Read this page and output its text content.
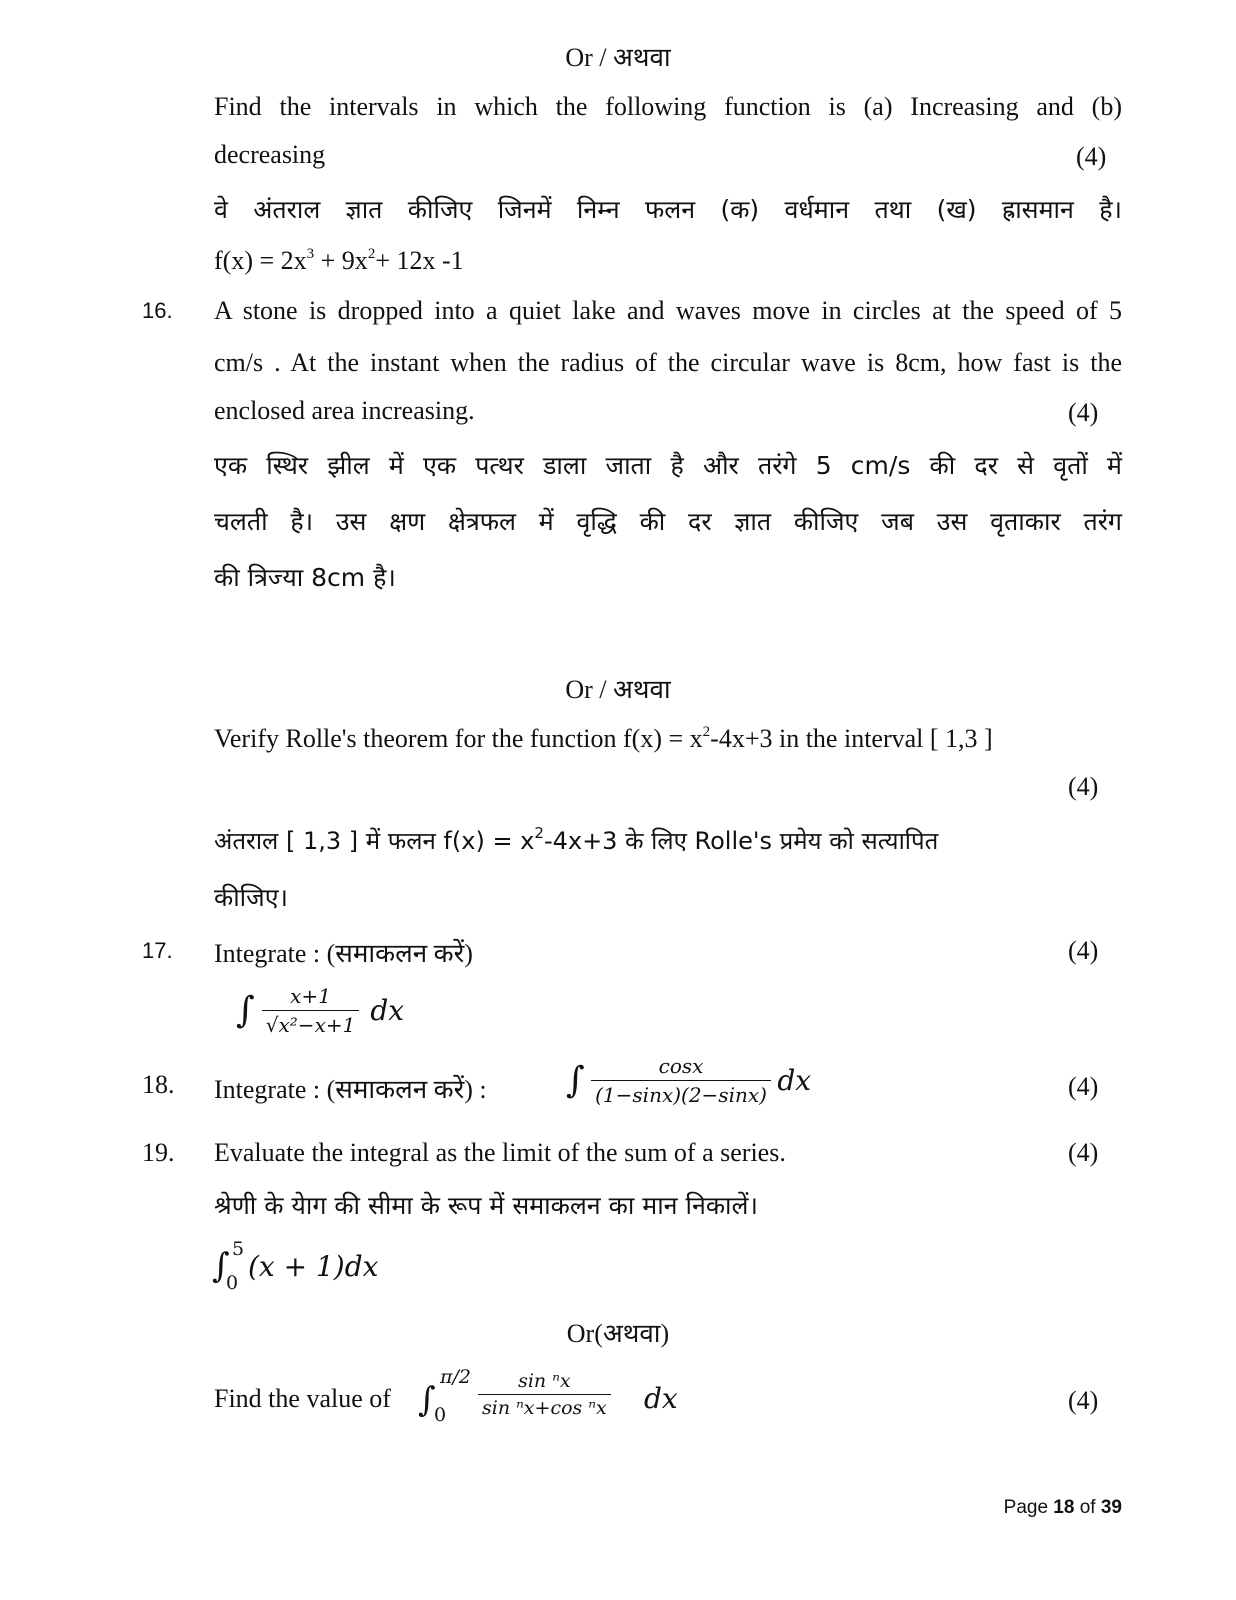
Or / अथवा
Find the intervals in which the following function is (a) Increasing and (b)
decreasing	(4)
वे अंतराल ज्ञात कीजिए जिनमें निम्न फलन (क) वर्धमान तथा (ख) ह्रासमान है।
$f(x) = 2x^3 + 9x^2+ 12x$ -1
16. A stone is dropped into a quiet lake and waves move in circles at the speed of 5
cm/s . At the instant when the radius of the circular wave is 8cm, how fast is the
enclosed area increasing.	(4)
एक स्थिर झील में एक पत्थर डाला जाता है और तरंगे 5 cm/s की दर से वृतों में
चलती है। उस क्षण क्षेत्रफल में वृद्धि की दर ज्ञात कीजिए जब उस वृताकार तरंग
की त्रिज्या 8cm है।
Or / अथवा
Verify Rolle's theorem for the function $f(x) = x^2-4x+3$ in the interval [ 1,3 ]
(4)
अंतराल [ 1,3 ] में फलन $f(x) = x^2-4x+3$ के लिए Rolle's प्रमेय को सत्यापित
कीजिए।
17. Integrate : (समाकलन करें)	(4)
∫ $\frac{x+1}{\text{√x²−x+1}}$ dx
18. Integrate : (समाकलन करें) : ∫ $\frac{\cos x}{(1-\sin x)(2-\sin x)}$ dx	(4)
19. Evaluate the integral as the limit of the sum of a series.	(4)
श्रेणी के येाग की सीमा के रूप में समाकलन का मान निकालें।
∫ 5
0 (x + 1)dx
Or(अथवा)
Find the value of ∫
π/2
$0 \frac{\text{sin ⁿx}}{\text{sin ⁿx+cos ⁿx}}$ dx	(4)
Page 18 of 39
